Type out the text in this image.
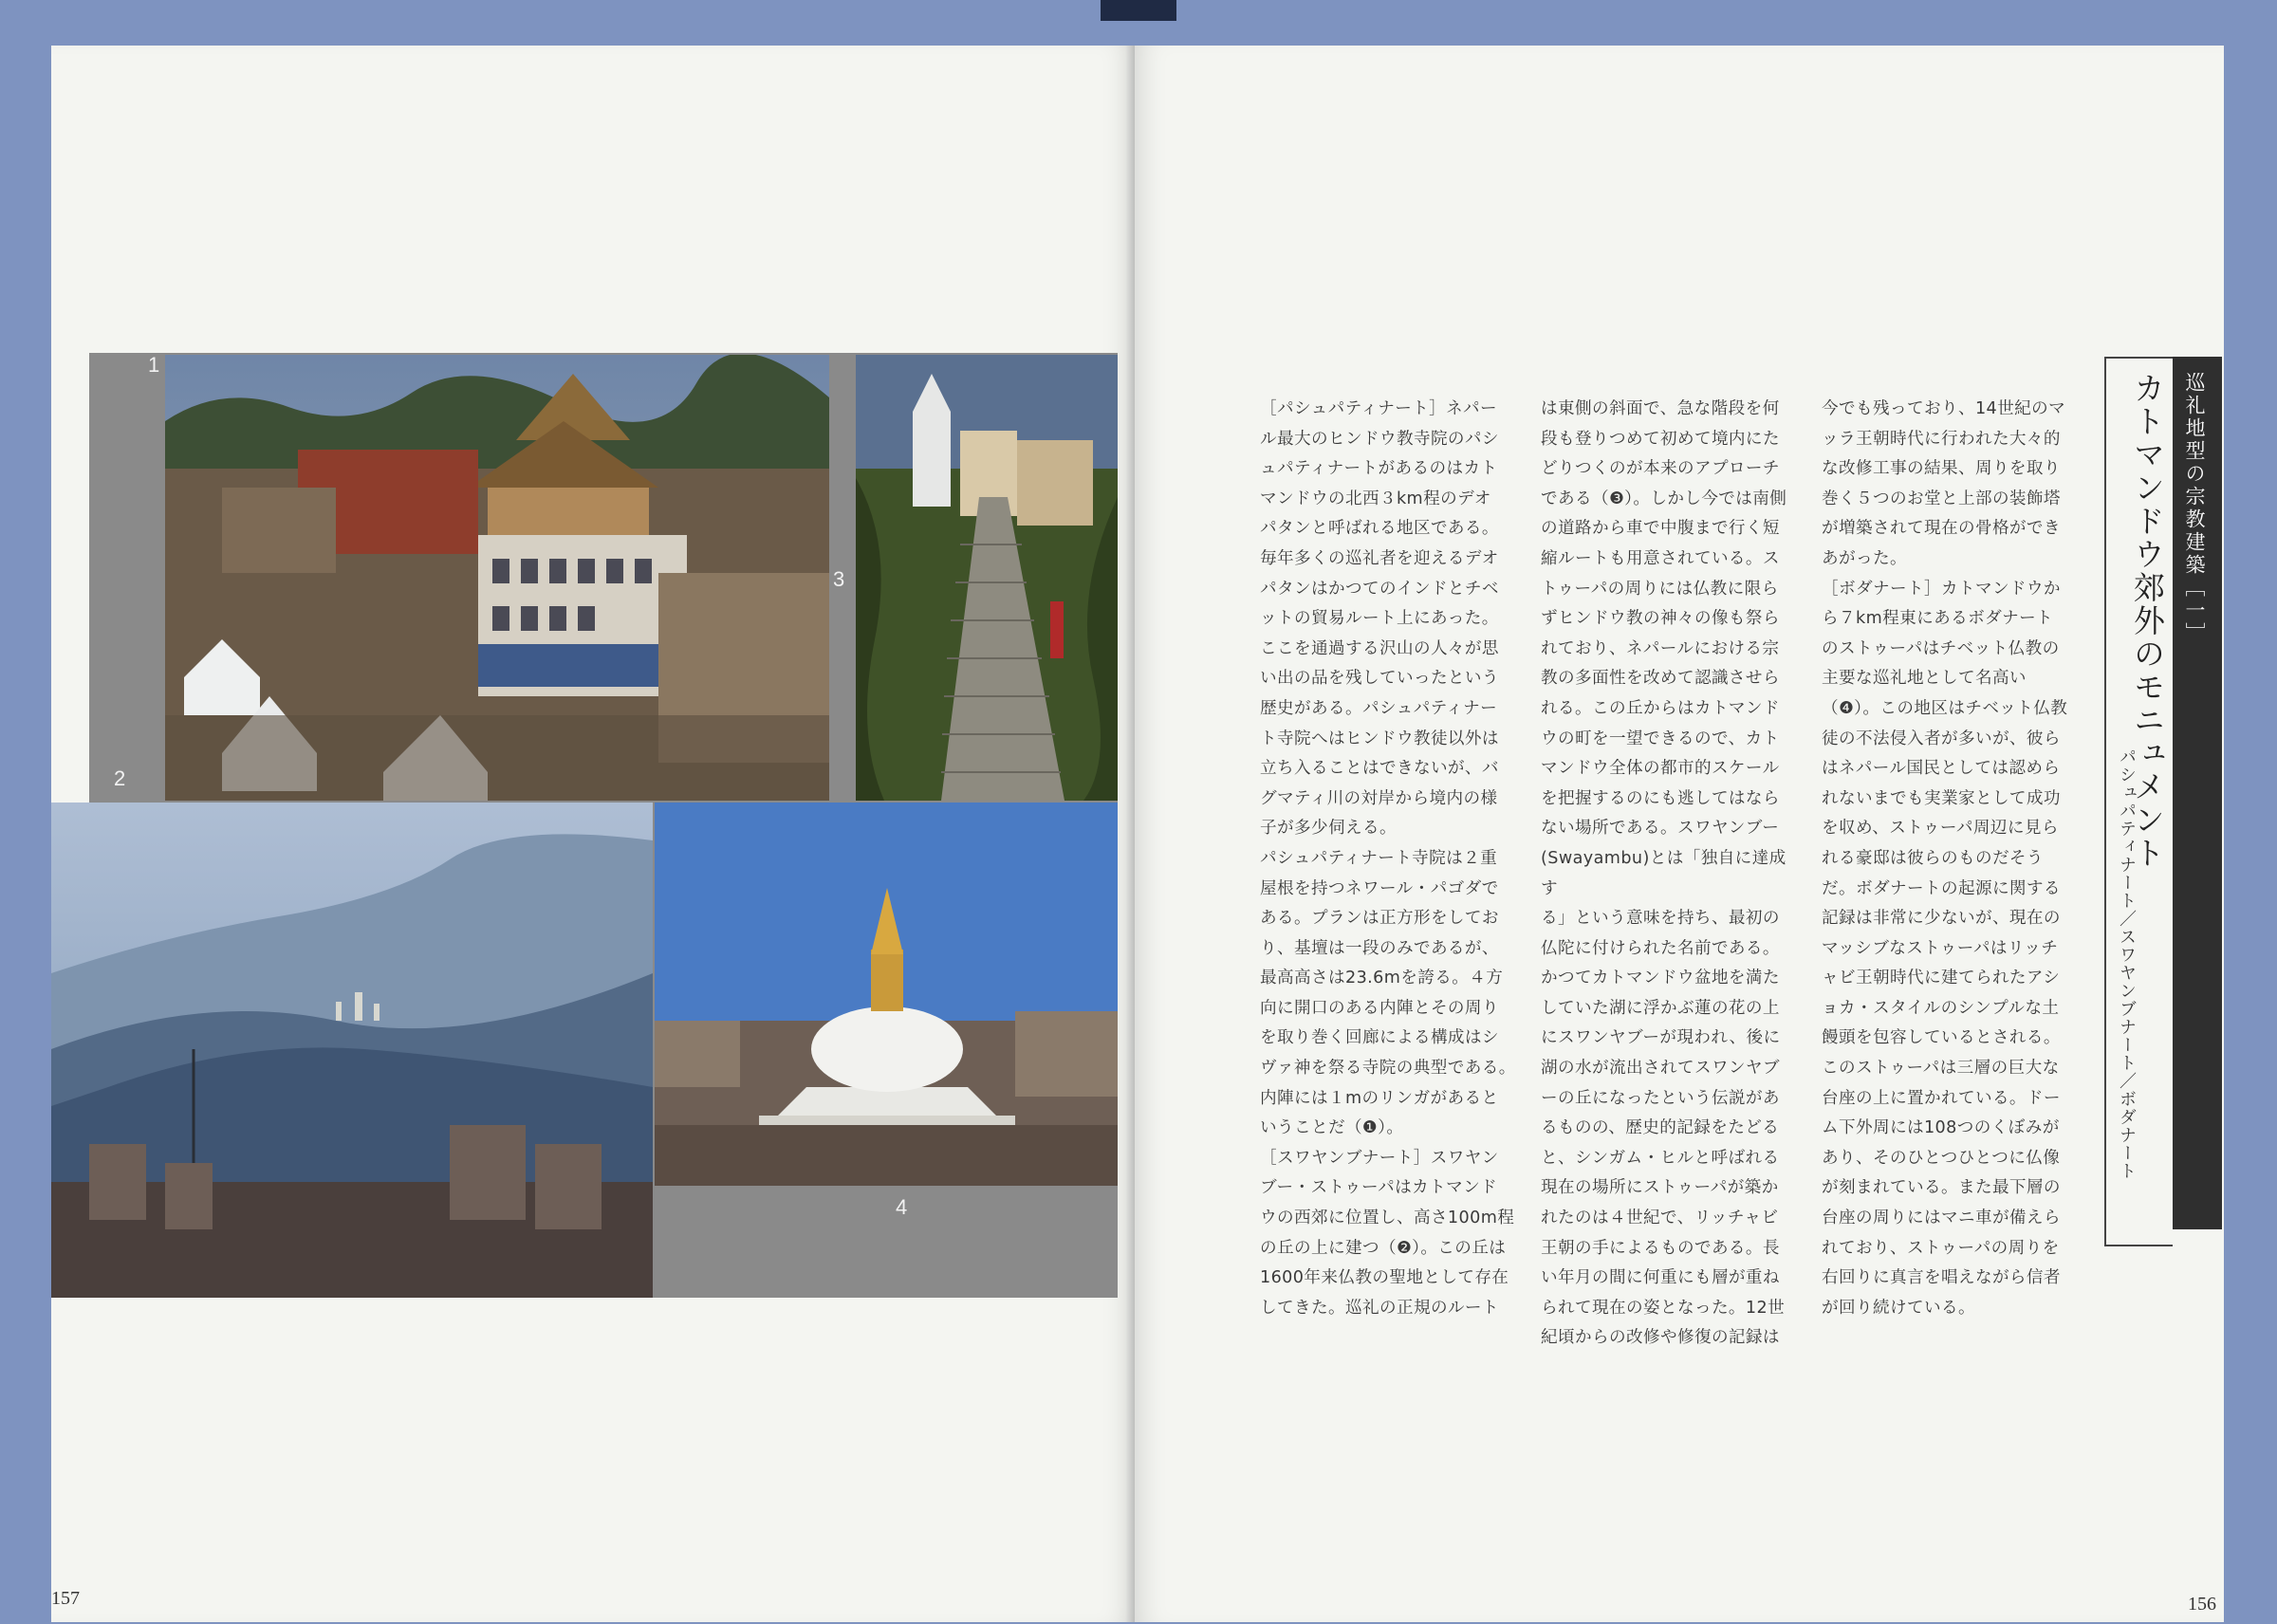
1
2
3
4
157

［パシュパティナート］ネパー
ル最大のヒンドウ教寺院のパシ
ュパティナートがあるのはカト
マンドウの北西３km程のデオ
パタンと呼ばれる地区である。
毎年多くの巡礼者を迎えるデオ
パタンはかつてのインドとチベ
ットの貿易ルート上にあった。
ここを通過する沢山の人々が思
い出の品を残していったという
歴史がある。パシュパティナー
ト寺院へはヒンドウ教徒以外は
立ち入ることはできないが、バ
グマティ川の対岸から境内の様
子が多少伺える。
パシュパティナート寺院は２重
屋根を持つネワール・パゴダで
ある。プランは正方形をしてお
り、基壇は一段のみであるが、
最高高さは23.6mを誇る。４方
向に開口のある内陣とその周り
を取り巻く回廊による構成はシ
ヴァ神を祭る寺院の典型である。
内陣には１mのリンガがあると
いうことだ（❶）。
［スワヤンブナート］スワヤン
ブー・ストゥーパはカトマンド
ウの西郊に位置し、高さ100m程
の丘の上に建つ（❷）。この丘は
1600年来仏教の聖地として存在
してきた。巡礼の正規のルート

は東側の斜面で、急な階段を何
段も登りつめて初めて境内にた
どりつくのが本来のアプローチ
である（❸）。しかし今では南側
の道路から車で中腹まで行く短
縮ルートも用意されている。ス
トゥーパの周りには仏教に限ら
ずヒンドウ教の神々の像も祭ら
れており、ネパールにおける宗
教の多面性を改めて認識させら
れる。この丘からはカトマンド
ウの町を一望できるので、カト
マンドウ全体の都市的スケール
を把握するのにも逃してはなら
ない場所である。スワヤンブー
(Swayambu)とは「独自に達成す
る」という意味を持ち、最初の
仏陀に付けられた名前である。
かつてカトマンドウ盆地を満た
していた湖に浮かぶ蓮の花の上
にスワンヤブーが現われ、後に
湖の水が流出されてスワンヤブ
ーの丘になったという伝説があ
るものの、歴史的記録をたどる
と、シンガム・ヒルと呼ばれる
現在の場所にストゥーパが築か
れたのは４世紀で、リッチャビ
王朝の手によるものである。長
い年月の間に何重にも層が重ね
られて現在の姿となった。12世
紀頃からの改修や修復の記録は

今でも残っており、14世紀のマ
ッラ王朝時代に行われた大々的
な改修工事の結果、周りを取り
巻く５つのお堂と上部の装飾塔
が増築されて現在の骨格ができ
あがった。
［ボダナート］カトマンドウか
ら７km程東にあるボダナート
のストゥーパはチベット仏教の
主要な巡礼地として名高い
（❹）。この地区はチベット仏教
徒の不法侵入者が多いが、彼ら
はネパール国民としては認めら
れないまでも実業家として成功
を収め、ストゥーパ周辺に見ら
れる豪邸は彼らのものだそう
だ。ボダナートの起源に関する
記録は非常に少ないが、現在の
マッシブなストゥーパはリッチ
ャビ王朝時代に建てられたアシ
ョカ・スタイルのシンプルな土
饅頭を包容しているとされる。
このストゥーパは三層の巨大な
台座の上に置かれている。ドー
ム下外周には108つのくぼみが
あり、そのひとつひとつに仏像
が刻まれている。また最下層の
台座の周りにはマニ車が備えら
れており、ストゥーパの周りを
右回りに真言を唱えながら信者
が回り続けている。

156
巡礼地型の宗教建築［一］
カトマンドウ郊外のモニュメント
パシュパティナート／スワヤンブナート／ボダナート
